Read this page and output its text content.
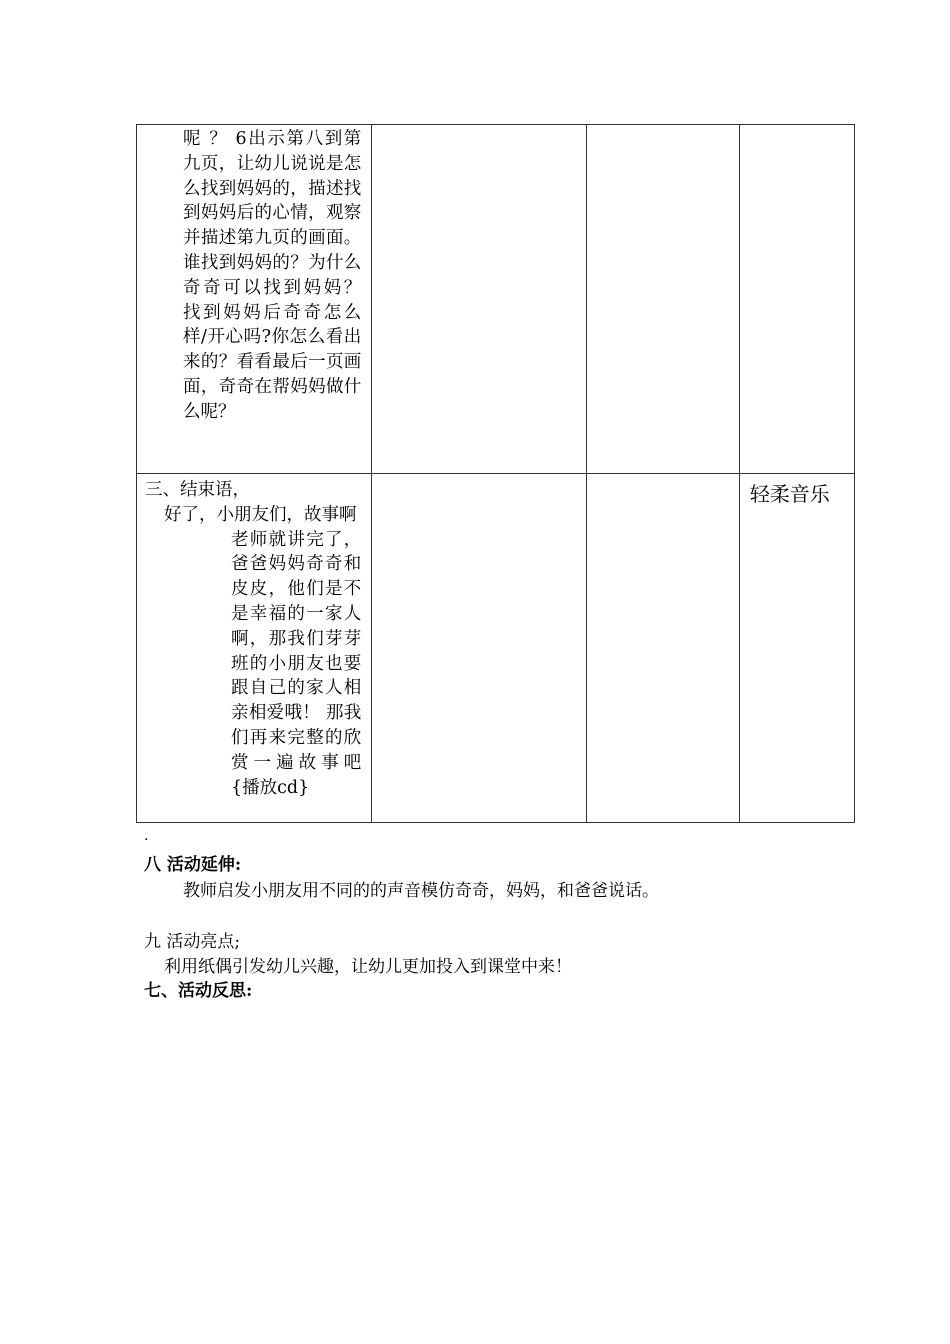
呢 ？ 6出示第八到第九页，让幼儿说说是怎么找到妈妈的，描述找到妈妈后的心情，观察并描述第九页的画面。谁找到妈妈的？为什么奇奇可以找到妈妈？ 找到妈妈后奇奇怎么样/开心吗?你怎么看出来的？看看最后一页画面，奇奇在帮妈妈做什么呢？			

三、结束语，
好了，小朋友们，故事啊
老师就讲完了，爸爸妈妈奇奇和皮皮，他们是不是幸福的一家人啊，那我们芽芽班的小朋友也要跟自己的家人相亲相爱哦！ 那我们再来完整的欣赏一遍故事吧{播放cd}			轻柔音乐
.
八 活动延伸:
教师启发小朋友用不同的的声音模仿奇奇，妈妈，和爸爸说话。
九 活动亮点;
利用纸偶引发幼儿兴趣，让幼儿更加投入到课堂中来！
七、活动反思:
